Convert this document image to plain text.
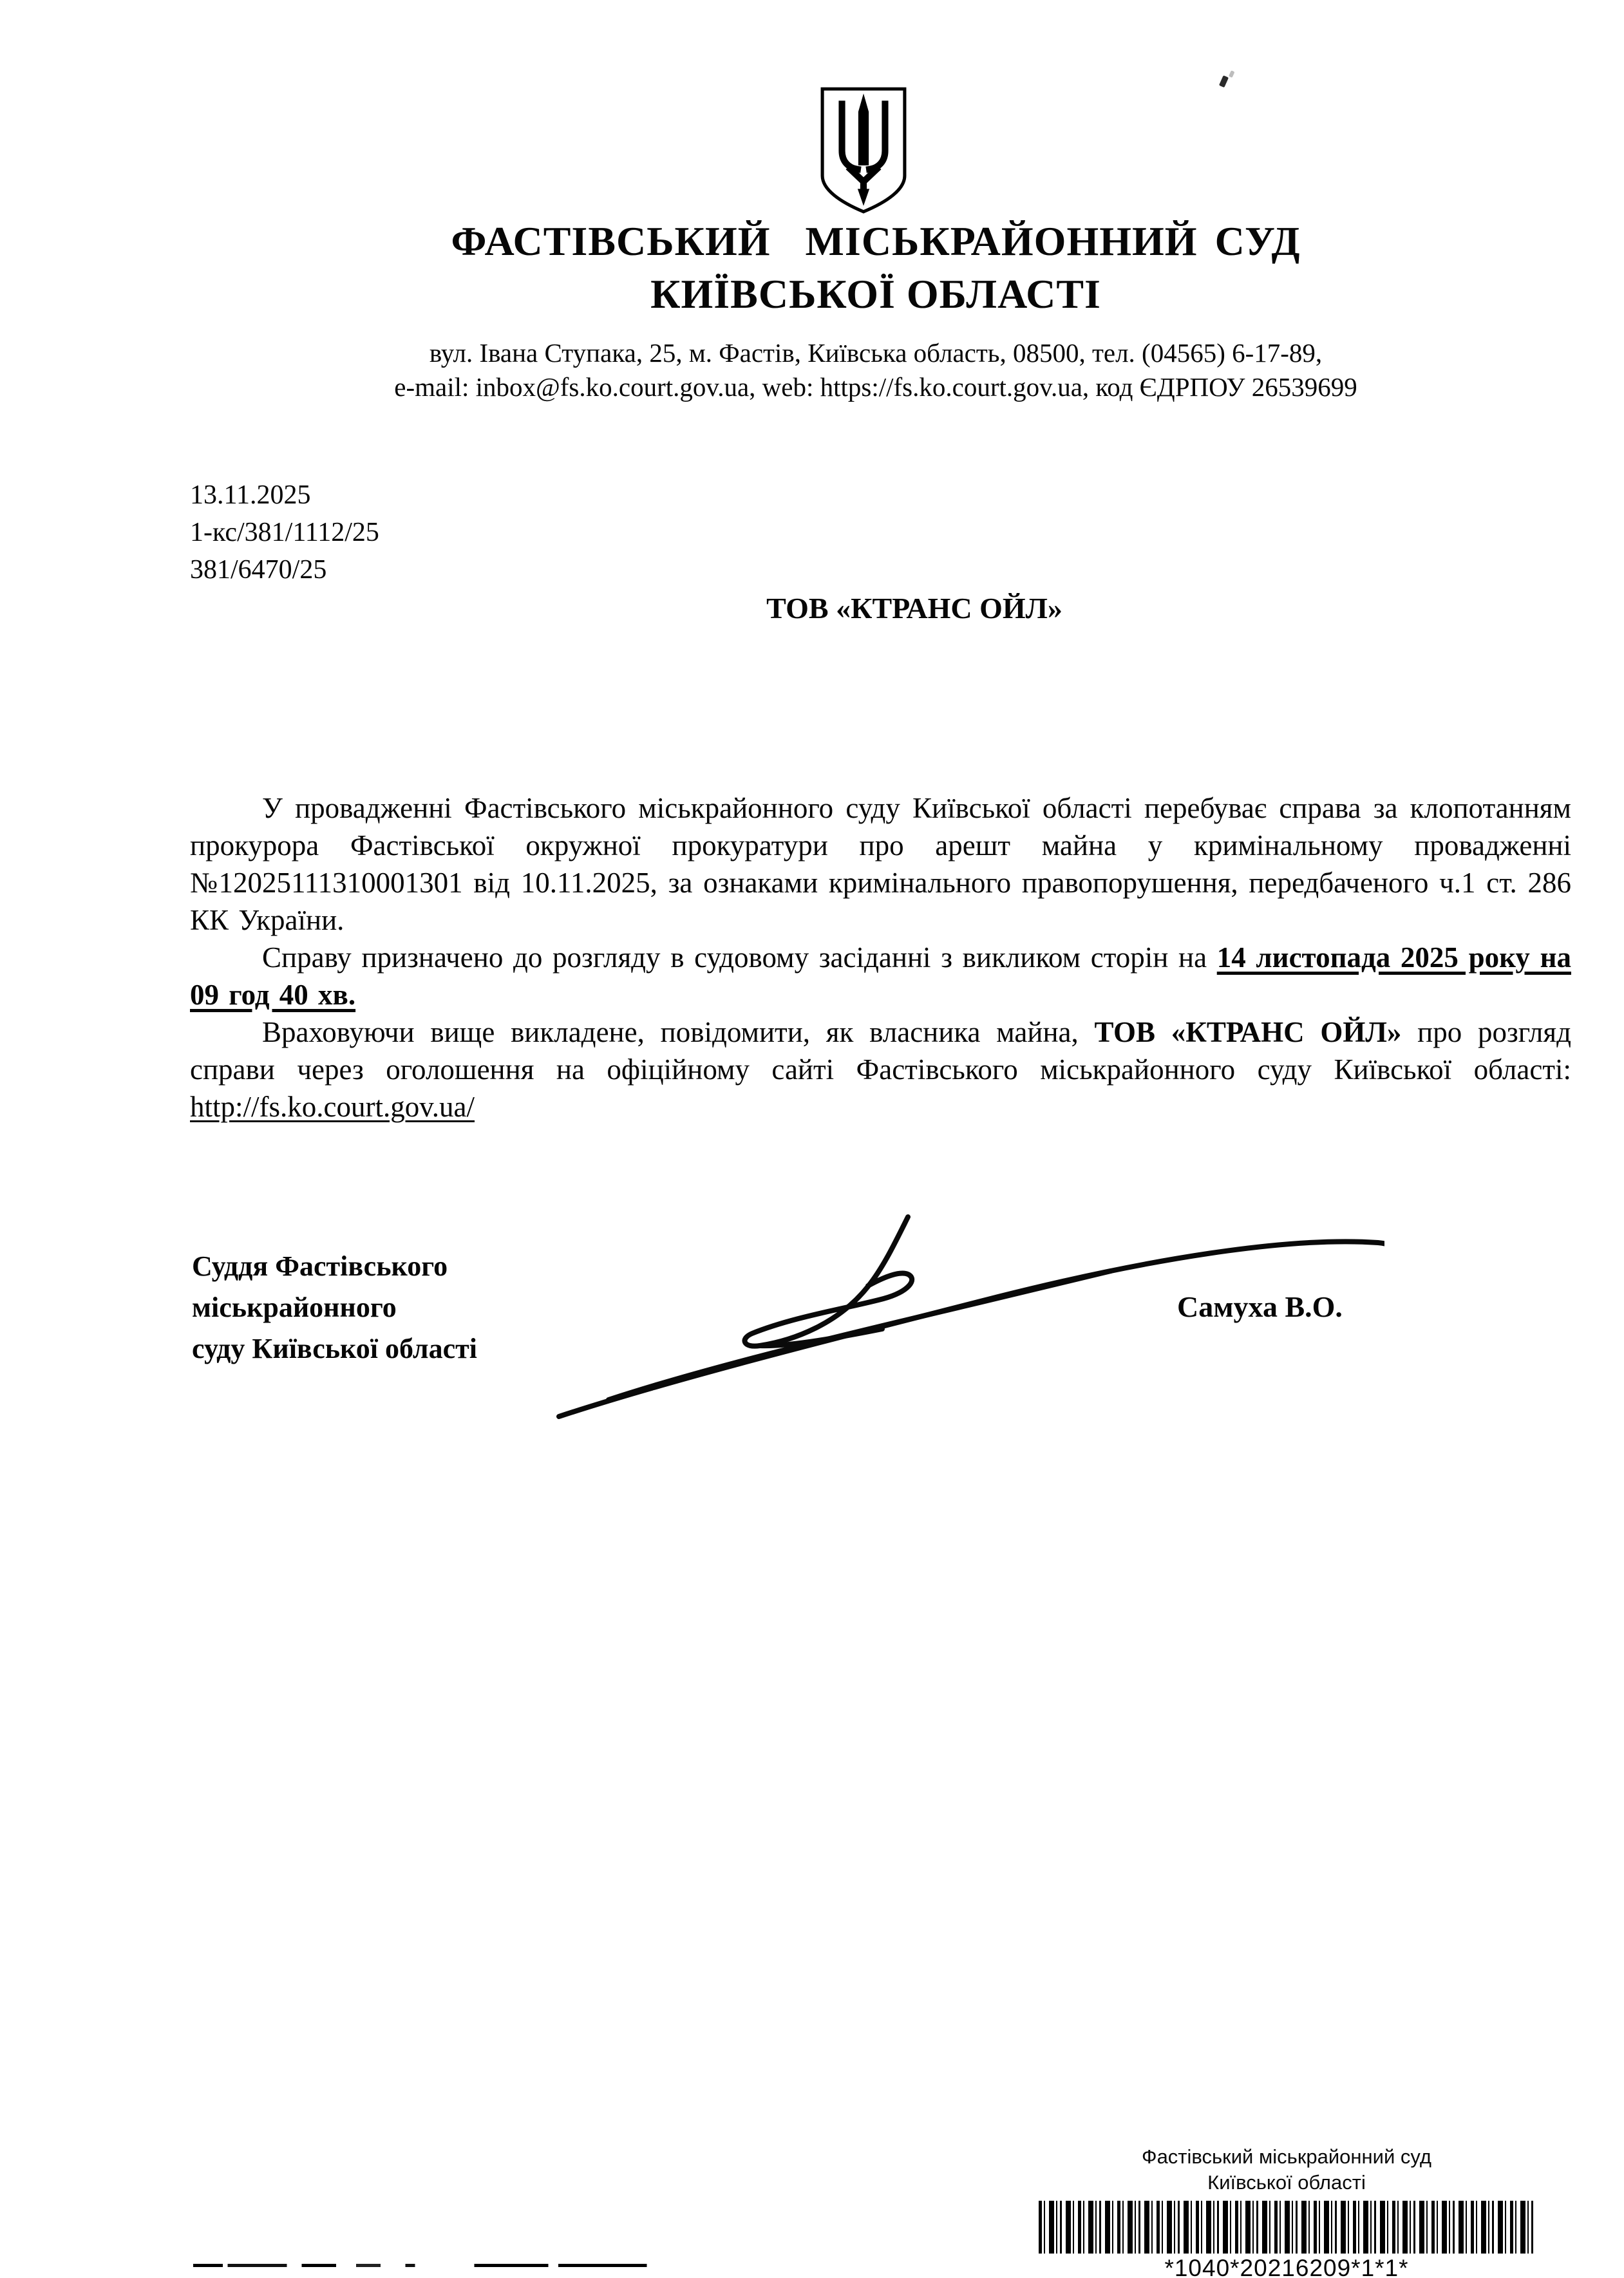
ФАСТІВСЬКИЙ  МІСЬКРАЙОННИЙ СУД
КИЇВСЬКОЇ ОБЛАСТІ
вул. Івана Ступака, 25, м. Фастів, Київська область, 08500, тел. (04565) 6-17-89,
e-mail: inbox@fs.ko.court.gov.ua, web: https://fs.ko.court.gov.ua, код ЄДРПОУ 26539699
13.11.2025
1-кс/381/1112/25
381/6470/25
ТОВ «КТРАНС ОЙЛ»

У провадженні Фастівського міськрайонного суду Київської області перебуває справа за клопотанням прокурора Фастівської окружної прокуратури про арешт майна у кримінальному провадженні №12025111310001301 від 10.11.2025, за ознаками кримінального правопорушення, передбаченого ч.1 ст. 286 КК України.

Справу призначено до розгляду в судовому засіданні з викликом сторін на 14 листопада 2025 року на 09 год 40 хв.

Враховуючи вище викладене, повідомити, як власника майна, ТОВ «КТРАНС ОЙЛ» про розгляд справи через оголошення на офіційному сайті Фастівського міськрайонного суду Київської області: http://fs.ko.court.gov.ua/

Суддя Фастівського
міськрайонного
суду Київської області
Самуха В.О.
Фастівський міськрайонний суд
Київської області
*1040*20216209*1*1*
